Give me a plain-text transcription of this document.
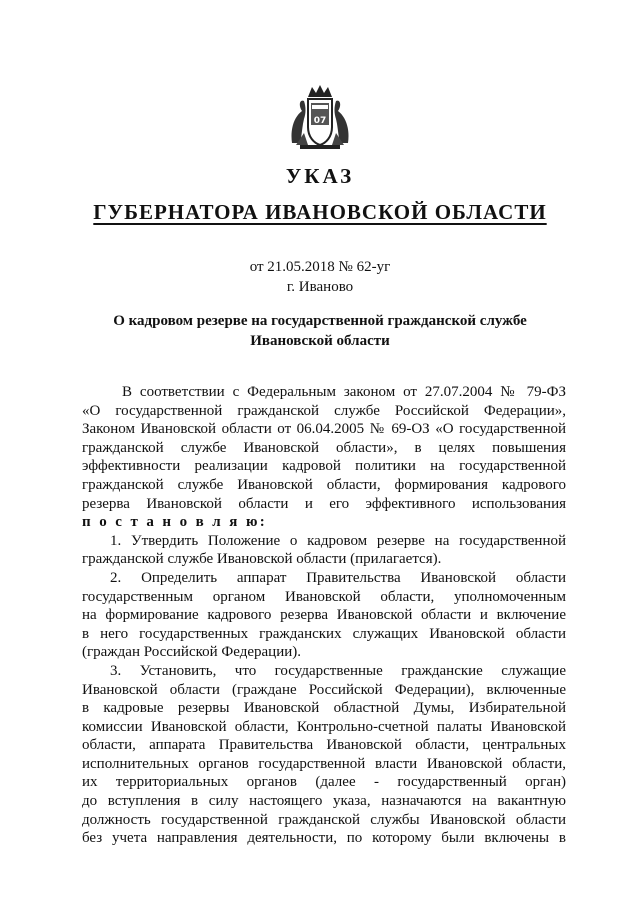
07
УКАЗ
ГУБЕРНАТОРА ИВАНОВСКОЙ ОБЛАСТИ
от 21.05.2018 № 62-уг
г. Иваново
О кадровом резерве на государственной гражданской службе
Ивановской области
В соответствии с Федеральным законом от 27.07.2004 № 79-ФЗ
«О государственной гражданской службе Российской Федерации»,
Законом Ивановской области от 06.04.2005 № 69-ОЗ «О государственной
гражданской службе Ивановской области», в целях повышения
эффективности реализации кадровой политики на государственной
гражданской службе Ивановской области, формирования кадрового
резерва Ивановской области и его эффективного использования
п о с т а н о в л я ю:
1. Утвердить Положение о кадровом резерве на государственной
гражданской службе Ивановской области (прилагается).
2. Определить аппарат Правительства Ивановской области
государственным органом Ивановской области, уполномоченным
на формирование кадрового резерва Ивановской области и включение
в него государственных гражданских служащих Ивановской области
(граждан Российской Федерации).
3. Установить, что государственные гражданские служащие
Ивановской области (граждане Российской Федерации), включенные
в кадровые резервы Ивановской областной Думы, Избирательной
комиссии Ивановской области, Контрольно-счетной палаты Ивановской
области, аппарата Правительства Ивановской области, центральных
исполнительных органов государственной власти Ивановской области,
их территориальных органов (далее - государственный орган)
до вступления в силу настоящего указа, назначаются на вакантную
должность государственной гражданской службы Ивановской области
без учета направления деятельности, по которому были включены в
